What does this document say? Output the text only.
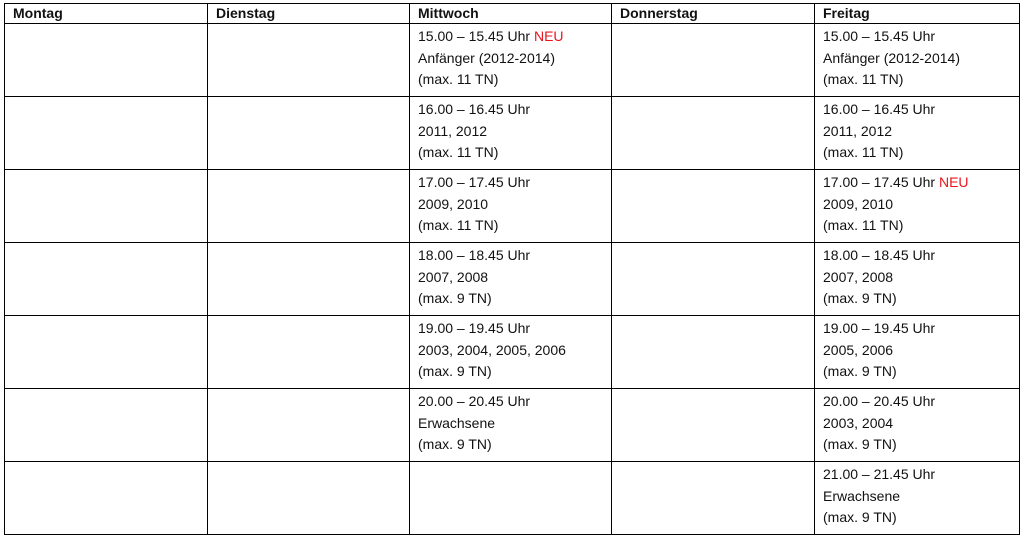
Montag	Dienstag	Mittwoch	Donnerstag	Freitag

		15.00 – 15.45 Uhr NEU
Anfänger (2012-2014)
(max. 11 TN)		15.00 – 15.45 Uhr
Anfänger (2012-2014)
(max. 11 TN)

		16.00 – 16.45 Uhr
2011, 2012
(max. 11 TN)		16.00 – 16.45 Uhr
2011, 2012
(max. 11 TN)

		17.00 – 17.45 Uhr
2009, 2010
(max. 11 TN)		17.00 – 17.45 Uhr NEU
2009, 2010
(max. 11 TN)

		18.00 – 18.45 Uhr
2007, 2008
(max. 9 TN)		18.00 – 18.45 Uhr
2007, 2008
(max. 9 TN)

		19.00 – 19.45 Uhr
2003, 2004, 2005, 2006
(max. 9 TN)		19.00 – 19.45 Uhr
2005, 2006
(max. 9 TN)

		20.00 – 20.45 Uhr
Erwachsene
(max. 9 TN)		20.00 – 20.45 Uhr
2003, 2004
(max. 9 TN)

				21.00 – 21.45 Uhr
Erwachsene
(max. 9 TN)
